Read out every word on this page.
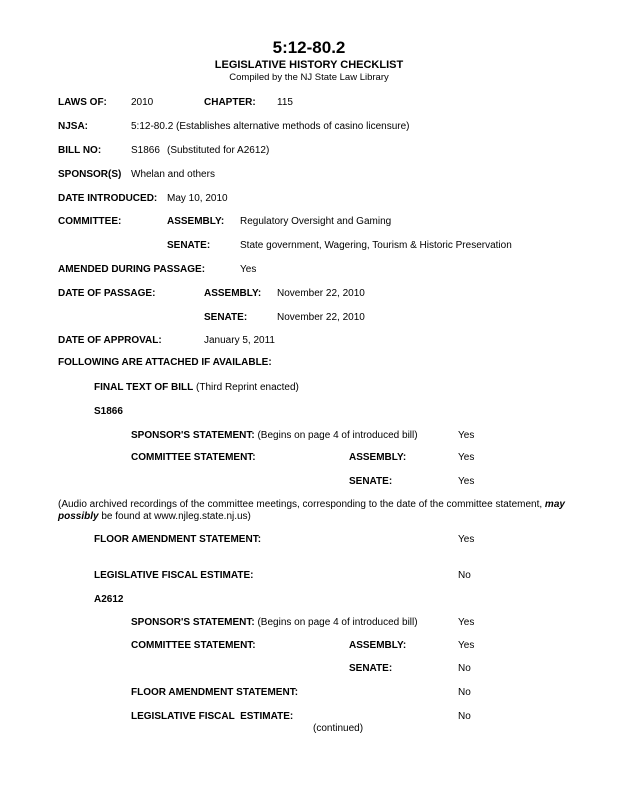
5:12-80.2
LEGISLATIVE HISTORY CHECKLIST
Compiled by the NJ State Law Library
LAWS OF: 2010	CHAPTER: 115
NJSA:	5:12-80.2 (Establishes alternative methods of casino licensure)
BILL NO:	S1866 (Substituted for A2612)
SPONSOR(S) Whelan and others
DATE INTRODUCED: May 10, 2010
COMMITTEE:	ASSEMBLY: Regulatory Oversight and Gaming
SENATE:	State government, Wagering, Tourism & Historic Preservation
AMENDED DURING PASSAGE:	Yes
DATE OF PASSAGE:	ASSEMBLY: November 22, 2010
SENATE:	November 22, 2010
DATE OF APPROVAL:	January 5, 2011
FOLLOWING ARE ATTACHED IF AVAILABLE:
FINAL TEXT OF BILL (Third Reprint enacted)
S1866
SPONSOR'S STATEMENT: (Begins on page 4 of introduced bill)	Yes
COMMITTEE STATEMENT:	ASSEMBLY:	Yes
SENATE:	Yes
(Audio archived recordings of the committee meetings, corresponding to the date of the committee statement, may possibly be found at www.njleg.state.nj.us)
FLOOR AMENDMENT STATEMENT:	Yes
LEGISLATIVE FISCAL ESTIMATE:	No
A2612
SPONSOR'S STATEMENT: (Begins on page 4 of introduced bill)	Yes
COMMITTEE STATEMENT:	ASSEMBLY:	Yes
SENATE:	No
FLOOR AMENDMENT STATEMENT:	No
LEGISLATIVE FISCAL  ESTIMATE:	No
(continued)
